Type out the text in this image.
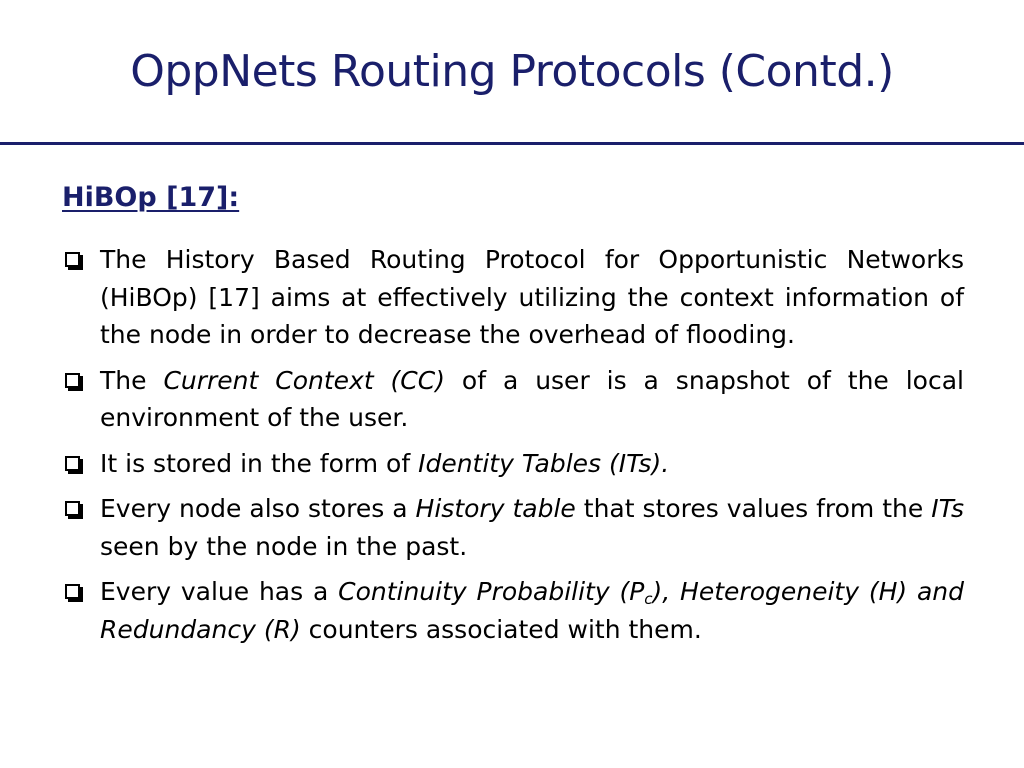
OppNets Routing Protocols (Contd.)
HiBOp [17]:
The History Based Routing Protocol for Opportunistic Networks (HiBOp) [17] aims at effectively utilizing the context information of the node in order to decrease the overhead of flooding.
The Current Context (CC) of a user is a snapshot of the local environment of the user.
It is stored in the form of Identity Tables (ITs).
Every node also stores a History table that stores values from the ITs seen by the node in the past.
Every value has a Continuity Probability $(P_c)$, Heterogeneity (H) and Redundancy (R) counters associated with them.
